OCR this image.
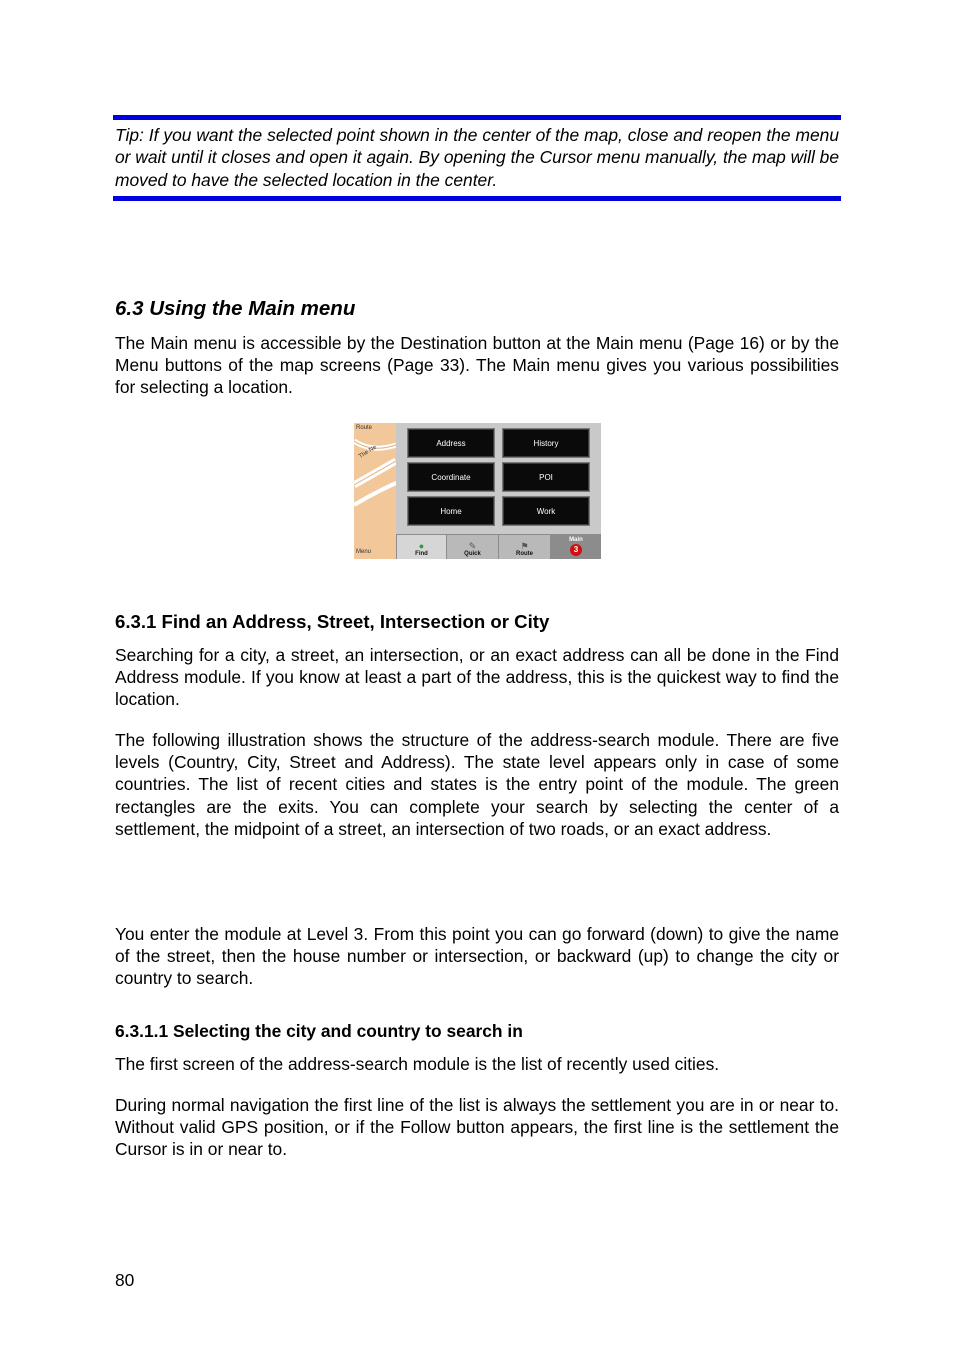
Tip: If you want the selected point shown in the center of the map, close and reopen the menu or wait until it closes and open it again. By opening the Cursor menu manually, the map will be moved to have the selected location in the center.

6.3 Using the Main menu

The Main menu is accessible by the Destination button at the Main menu (Page 16) or by the Menu buttons of the map screens (Page 33). The Main menu gives you various possibilities for selecting a location.

Route
The Ne
Menu
Address	History
Coordinate	POI
Home	Work
●
Find
✎
Quick
⚑
Route
Main
3
6.3.1 Find an Address, Street, Intersection or City

Searching for a city, a street, an intersection, or an exact address can all be done in the Find Address module. If you know at least a part of the address, this is the quickest way to find the location.

The following illustration shows the structure of the address-search module. There are five levels (Country, City, Street and Address). The state level appears only in case of some countries. The list of recent cities and states is the entry point of the module. The green rectangles are the exits. You can complete your search by selecting the center of a settlement, the midpoint of a street, an intersection of two roads, or an exact address.

You enter the module at Level 3. From this point you can go forward (down) to give the name of the street, then the house number or intersection, or backward (up) to change the city or country to search.

6.3.1.1 Selecting the city and country to search in

The first screen of the address-search module is the list of recently used cities.

During normal navigation the first line of the list is always the settlement you are in or near to. Without valid GPS position, or if the Follow button appears, the first line is the settlement the Cursor is in or near to.

80
